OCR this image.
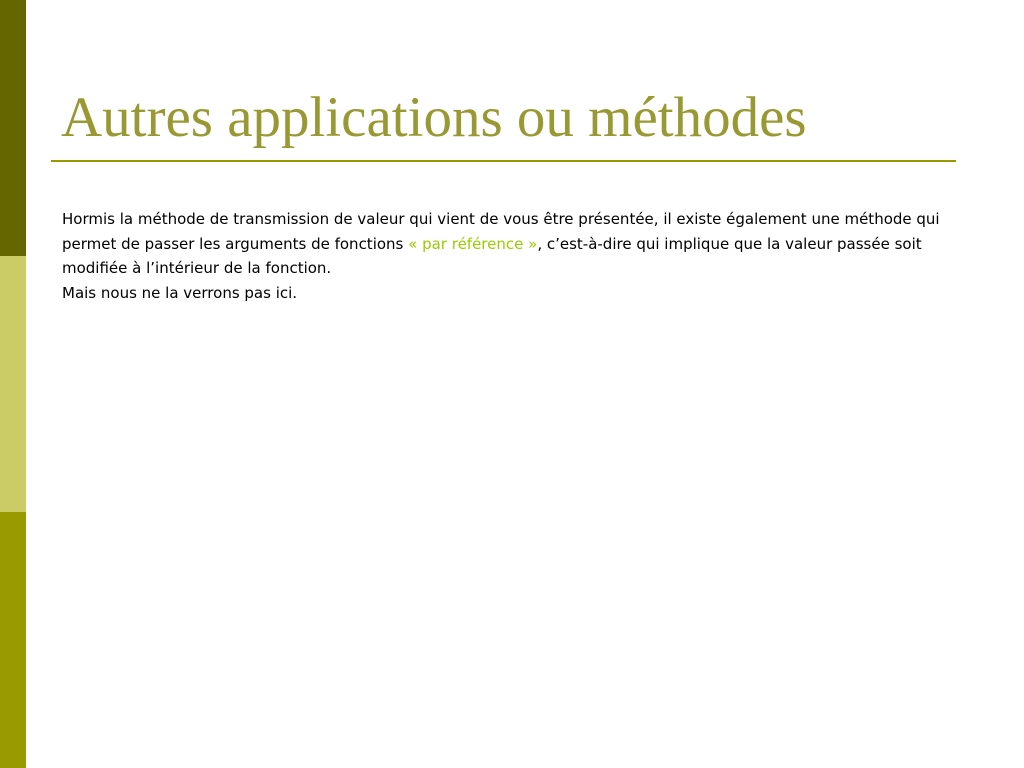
Autres applications ou méthodes

Hormis la méthode de transmission de valeur qui vient de vous être présentée, il existe également une méthode qui permet de passer les arguments de fonctions « par référence », c’est-à-dire qui implique que la valeur passée soit modifiée à l’intérieur de la fonction.

Mais nous ne la verrons pas ici.
